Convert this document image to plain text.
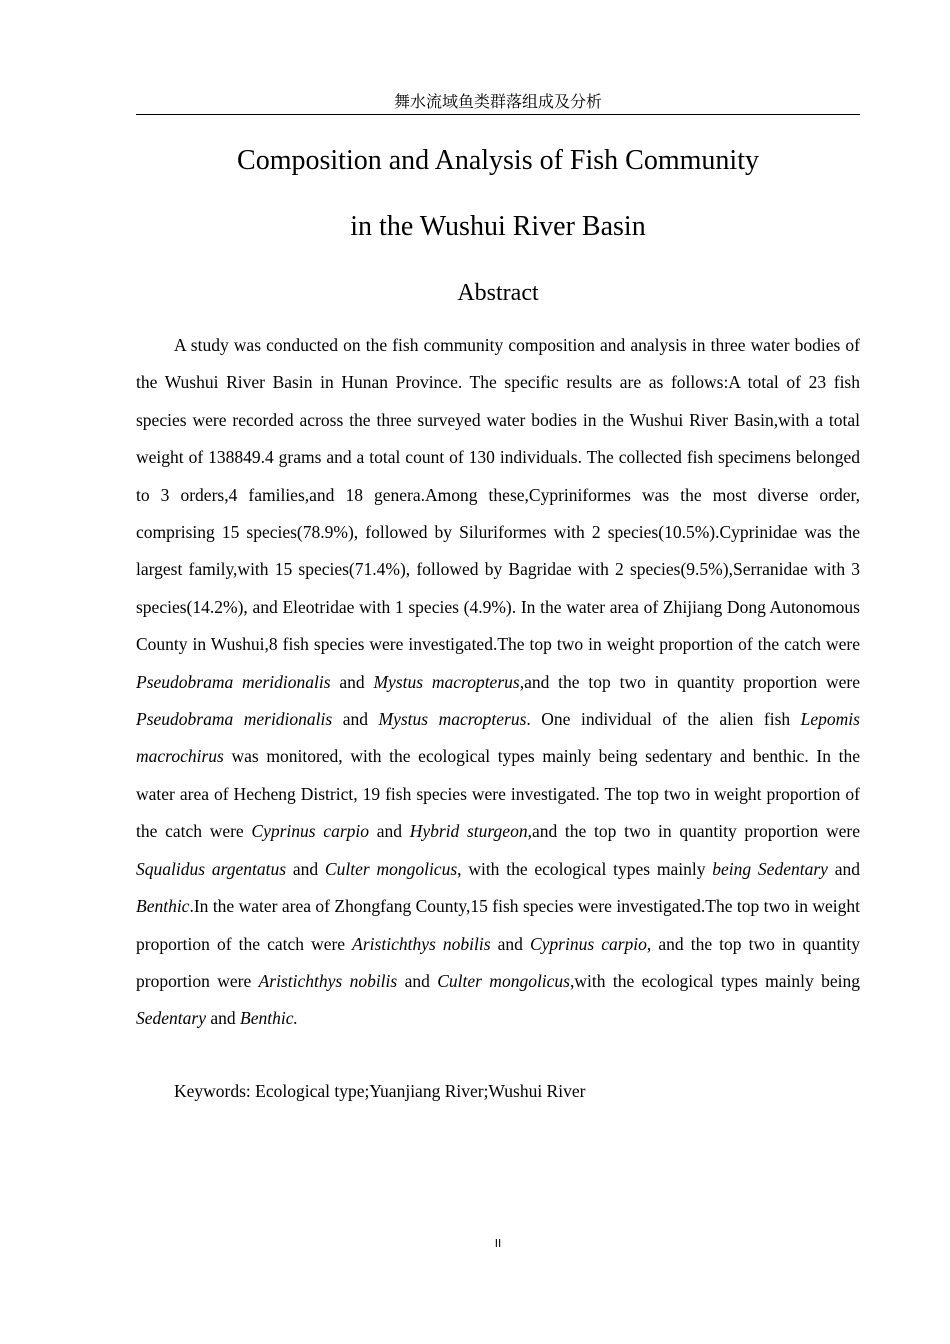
舞水流域鱼类群落组成及分析
Composition and Analysis of Fish Community
in the Wushui River Basin
Abstract

A study was conducted on the fish community composition and analysis in three water bodies of the Wushui River Basin in Hunan Province. The specific results are as follows:A total of 23 fish species were recorded across the three surveyed water bodies in the Wushui River Basin,with a total weight of 138849.4 grams and a total count of 130 individuals. The collected fish specimens belonged to 3 orders,4 families,and 18 genera.Among these,Cypriniformes was the most diverse order, comprising 15 species(78.9%), followed by Siluriformes with 2 species(10.5%).Cyprinidae was the largest family,with 15 species(71.4%), followed by Bagridae with 2 species(9.5%),Serranidae with 3 species(14.2%), and Eleotridae with 1 species (4.9%). In the water area of Zhijiang Dong Autonomous County in Wushui,8 fish species were investigated.The top two in weight proportion of the catch were Pseudobrama meridionalis and Mystus macropterus,and the top two in quantity proportion were Pseudobrama meridionalis and Mystus macropterus. One individual of the alien fish Lepomis macrochirus was monitored, with the ecological types mainly being sedentary and benthic. In the water area of Hecheng District, 19 fish species were investigated. The top two in weight proportion of the catch were Cyprinus carpio and Hybrid sturgeon,and the top two in quantity proportion were Squalidus argentatus and Culter mongolicus, with the ecological types mainly being Sedentary and Benthic.In the water area of Zhongfang County,15 fish species were investigated.The top two in weight proportion of the catch were Aristichthys nobilis and Cyprinus carpio, and the top two in quantity proportion were Aristichthys nobilis and Culter mongolicus,with the ecological types mainly being Sedentary and Benthic.

Keywords: Ecological type;Yuanjiang River;Wushui River
II
